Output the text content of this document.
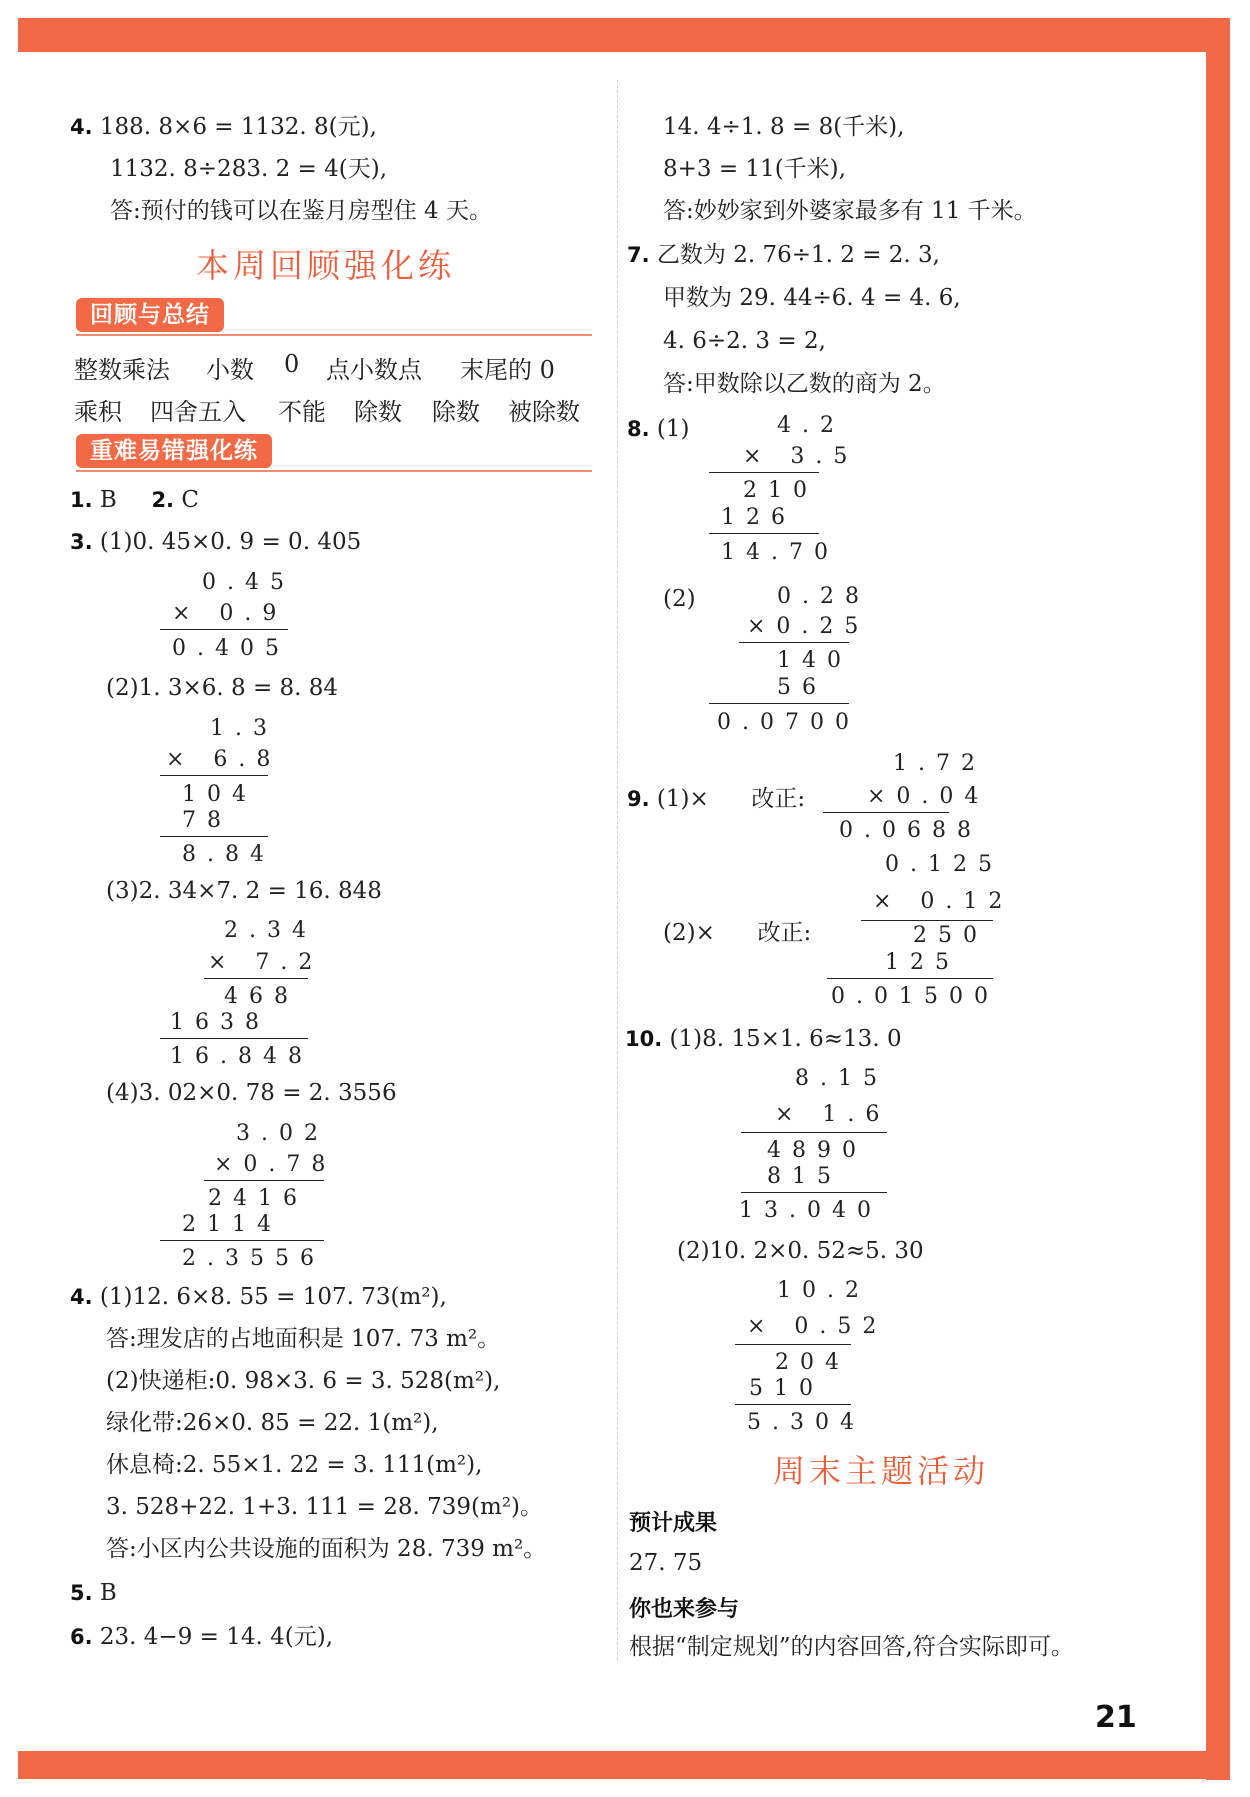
4. 188. 8×6 = 1132. 8(元),
1132. 8÷283. 2 = 4(天),
答:预付的钱可以在鉴月房型住 4 天。
本周回顾强化练
回顾与总结
整数乘法 小数 0 点小数点 末尾的 0
乘积 四舍五入 不能 除数 除数 被除数
重难易错强化练
1. B 2. C
3. (1)0. 45×0. 9 = 0. 405
0.45
× 0.9
0.405
(2)1. 3×6. 8 = 8. 84
1.3
× 6.8
104
78
8.84
(3)2. 34×7. 2 = 16. 848
2.34
× 7.2
468
1638
16.848
(4)3. 02×0. 78 = 2. 3556
3.02
×0.78
2416
2114
2.3556
4. (1)12. 6×8. 55 = 107. 73(m²),
答:理发店的占地面积是 107. 73 m²。
(2)快递柜:0. 98×3. 6 = 3. 528(m²),
绿化带:26×0. 85 = 22. 1(m²),
休息椅:2. 55×1. 22 = 3. 111(m²),
3. 528+22. 1+3. 111 = 28. 739(m²)。
答:小区内公共设施的面积为 28. 739 m²。
5. B
6. 23. 4−9 = 14. 4(元),
14. 4÷1. 8 = 8(千米),
8+3 = 11(千米),
答:妙妙家到外婆家最多有 11 千米。
7. 乙数为 2. 76÷1. 2 = 2. 3,
甲数为 29. 44÷6. 4 = 4. 6,
4. 6÷2. 3 = 2,
答:甲数除以乙数的商为 2。
8. (1)	4.2
× 3.5
210
126
14.70
(2)	0.28
×0.25
140
56
0.0700
1.72
9. (1)× 改正:	×0.04
0.0688
0.125
× 0.12
(2)× 改正:	250
125
0.01500
10. (1)8. 15×1. 6≈13. 0
8.15
× 1.6
4890
815
13.040
(2)10. 2×0. 52≈5. 30
10.2
× 0.52
204
510
5.304
周末主题活动
预计成果
27. 75
你也来参与
根据“制定规划”的内容回答,符合实际即可。
21
